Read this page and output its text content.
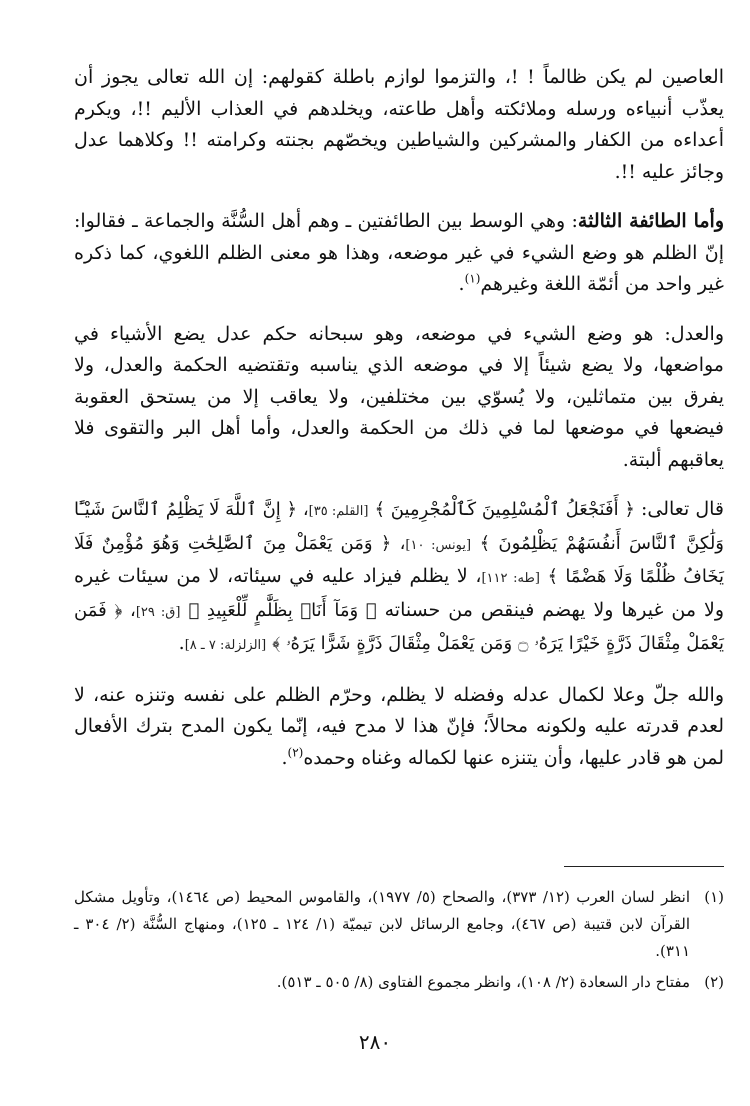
العاصين لم يكن ظالماً ! !، والتزموا لوازم باطلة كقولهم: إن الله تعالى يجوز أن يعذّب أنبياءه ورسله وملائكته وأهل طاعته، ويخلدهم في العذاب الأليم !!، ويكرم أعداءه من الكفار والمشركين والشياطين ويخصّهم بجنته وكرامته !! وكلاهما عدل وجائز عليه !!.

وأما الطائفة الثالثة: وهي الوسط بين الطائفتين ـ وهم أهل السُّنَّة والجماعة ـ فقالوا: إنّ الظلم هو وضع الشيء في غير موضعه، وهذا هو معنى الظلم اللغوي، كما ذكره غير واحد من أئمّة اللغة وغيرهم$^{(١)}$.

والعدل: هو وضع الشيء في موضعه، وهو سبحانه حكم عدل يضع الأشياء في مواضعها، ولا يضع شيئاً إلا في موضعه الذي يناسبه وتقتضيه الحكمة والعدل، ولا يفرق بين متماثلين، ولا يُسوّي بين مختلفين، ولا يعاقب إلا من يستحق العقوبة فيضعها في موضعها لما في ذلك من الحكمة والعدل، وأما أهل البر والتقوى فلا يعاقبهم ألبتة.

قال تعالى: ﴿ أَفَنَجْعَلُ ٱلْمُسْلِمِينَ كَٱلْمُجْرِمِينَ ﴾ [القلم: ٣٥]، ﴿ إِنَّ ٱللَّهَ لَا يَظْلِمُ ٱلنَّاسَ شَيْـًٔا وَلَٰكِنَّ ٱلنَّاسَ أَنفُسَهُمْ يَظْلِمُونَ ﴾ [يونس: ١٠]، ﴿ وَمَن يَعْمَلْ مِنَ ٱلصَّٰلِحَٰتِ وَهُوَ مُؤْمِنٌ فَلَا يَخَافُ ظُلْمًا وَلَا هَضْمًا ﴾ [طه: ١١٢]، لا يظلم فيزاد عليه في سيئاته، لا من سيئات غيره ولا من غيرها ولا يهضم فينقص من حسناته ﴿ وَمَآ أَنَا۠ بِظَلَّٰمٍ لِّلْعَبِيدِ ﴾ [ق: ٢٩]، ﴿ فَمَن يَعْمَلْ مِثْقَالَ ذَرَّةٍ خَيْرًا يَرَهُۥ ۝ وَمَن يَعْمَلْ مِثْقَالَ ذَرَّةٍ شَرًّا يَرَهُۥ ﴾ [الزلزلة: ٧ ـ ٨].

والله جلّ وعلا لكمال عدله وفضله لا يظلم، وحرّم الظلم على نفسه وتنزه عنه، لا لعدم قدرته عليه ولكونه محالاً؛ فإنّ هذا لا مدح فيه، إنّما يكون المدح بترك الأفعال لمن هو قادر عليها، وأن يتنزه عنها لكماله وغناه وحمده$^{(٢)}$.

(١)
انظر لسان العرب (١٢/ ٣٧٣)، والصحاح (٥/ ١٩٧٧)، والقاموس المحيط (ص ١٤٦٤)، وتأويل مشكل القرآن لابن قتيبة (ص ٤٦٧)، وجامع الرسائل لابن تيميّة (١/ ١٢٤ ـ ١٢٥)، ومنهاج السُّنَّة (٢/ ٣٠٤ ـ ٣١١).
(٢)
مفتاح دار السعادة (٢/ ١٠٨)، وانظر مجموع الفتاوى (٨/ ٥٠٥ ـ ٥١٣).
٢٨٠
